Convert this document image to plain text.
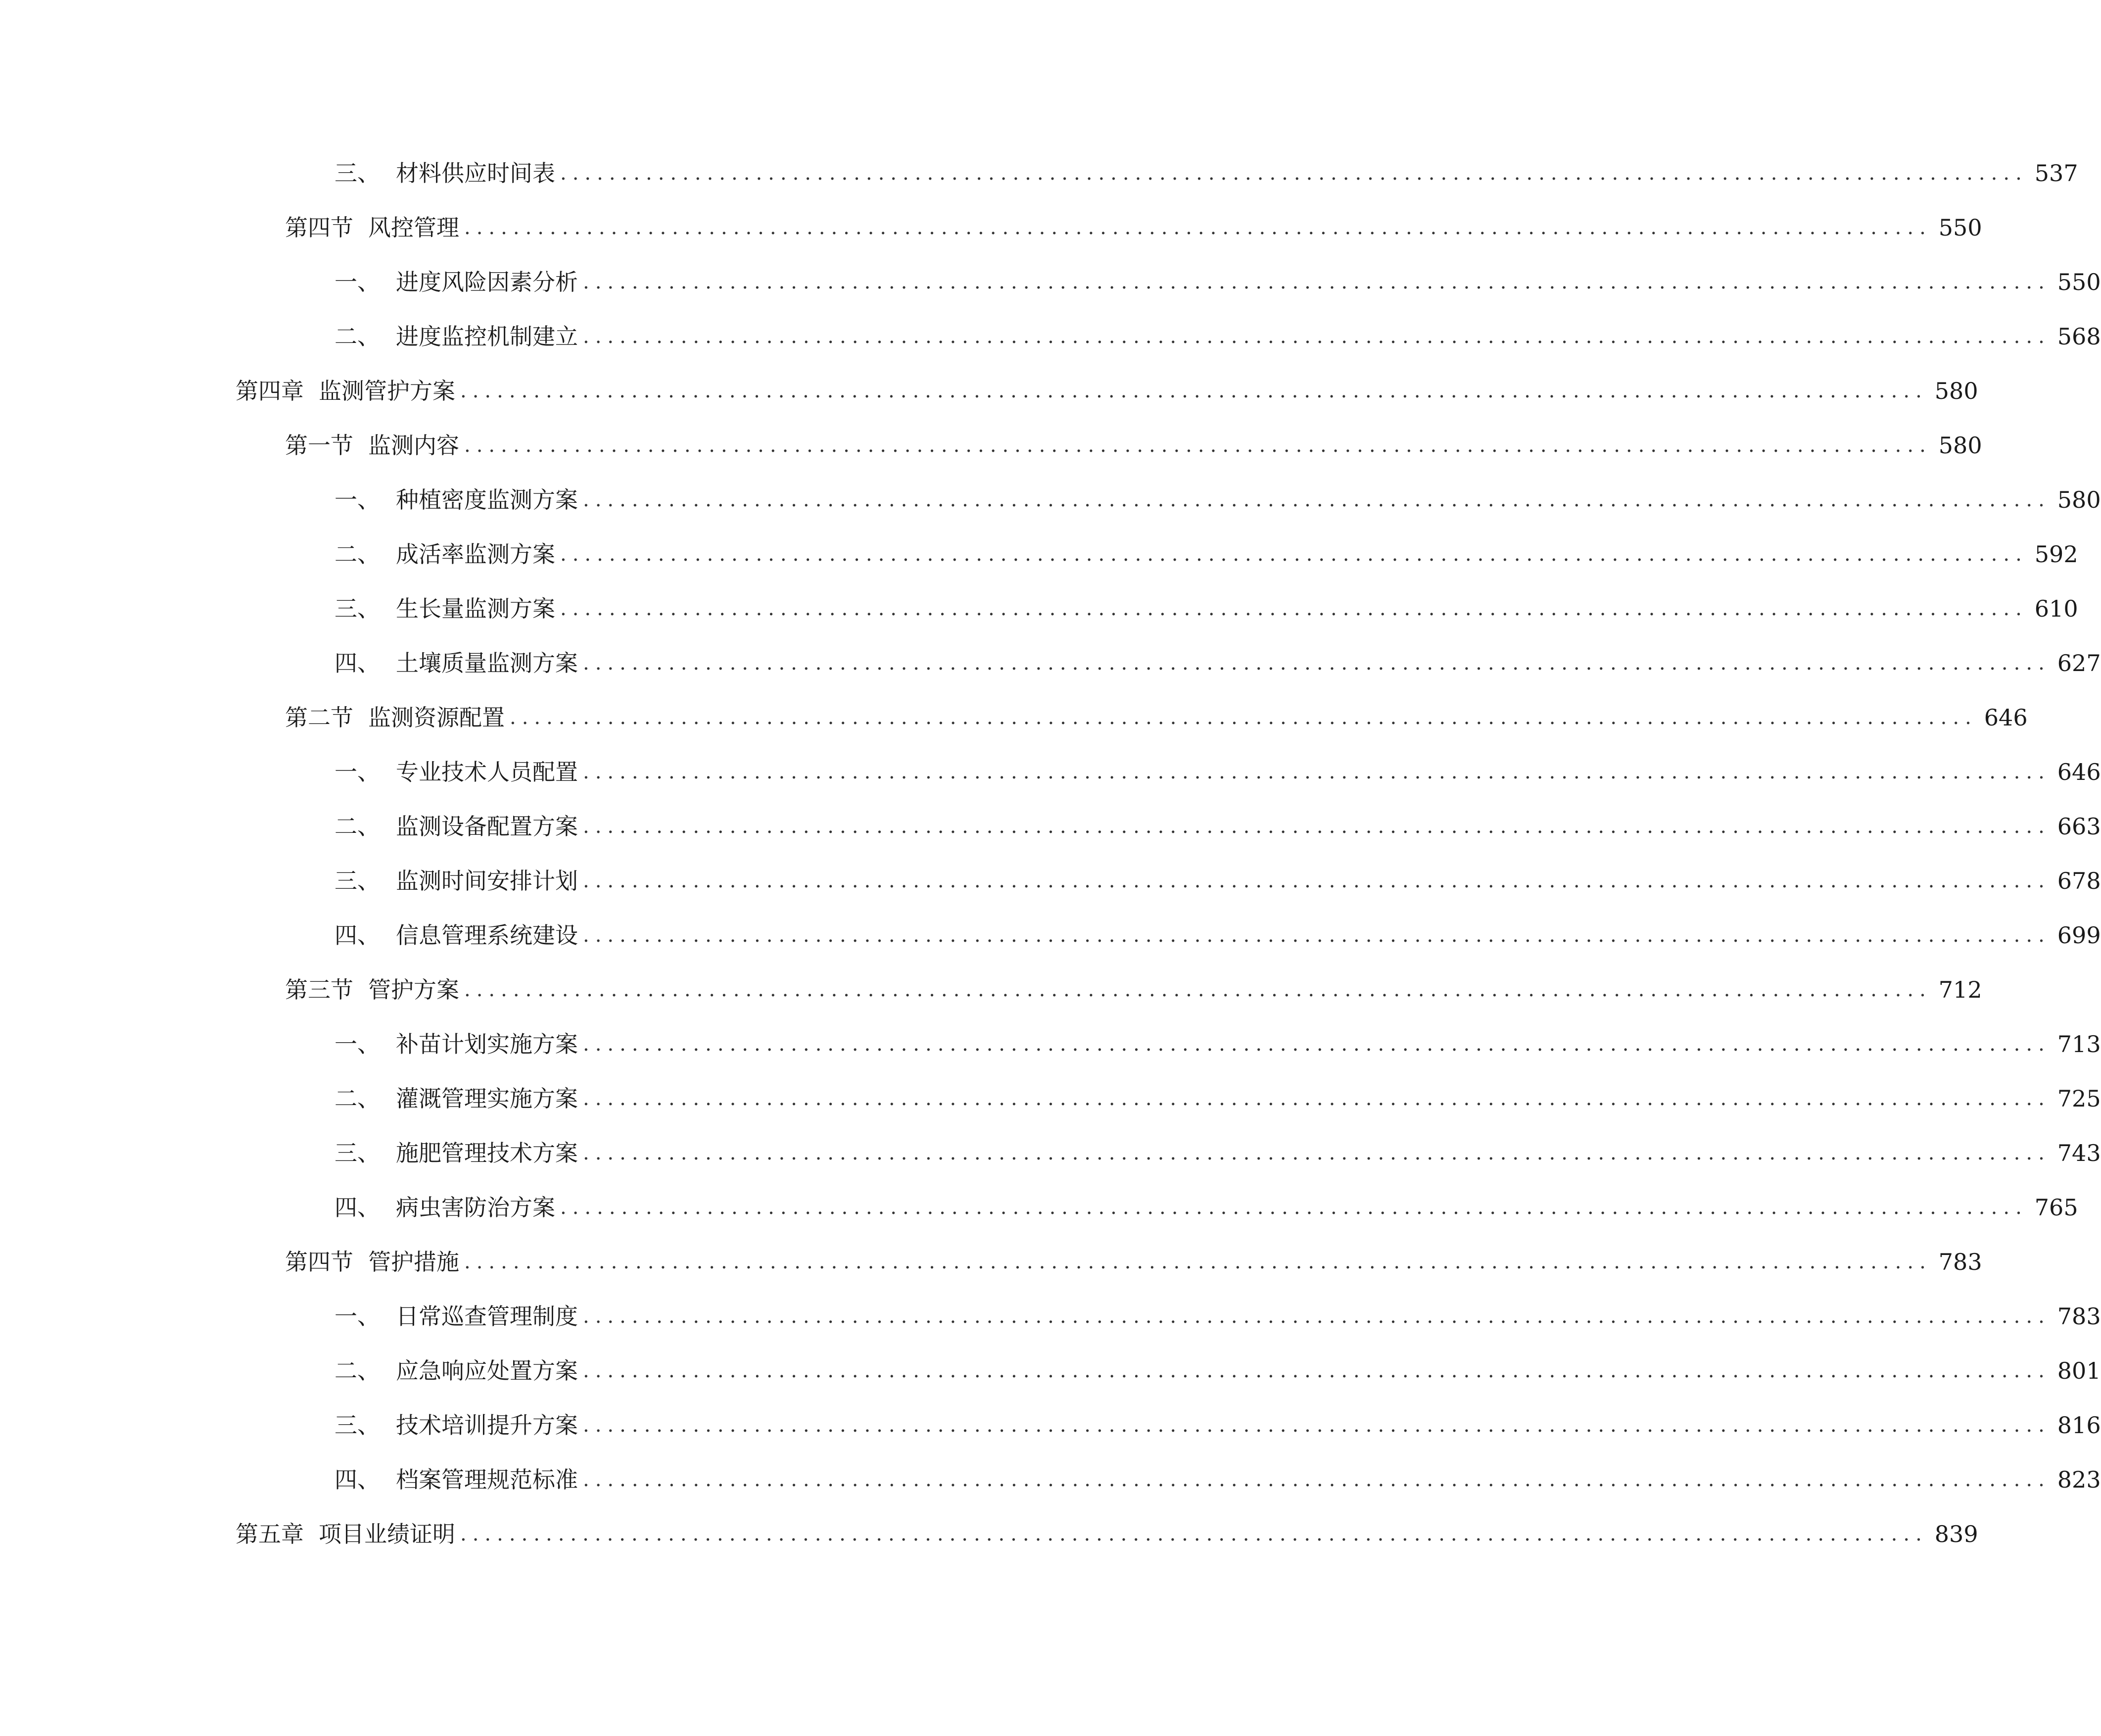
三、 材料供应时间表 ........................................................................................................................ 537
第四节 风控管理 ........................................................................................................................ 550
一、 进度风险因素分析 ........................................................................................................................ 550
二、 进度监控机制建立 ........................................................................................................................ 568
第四章 监测管护方案 ........................................................................................................................ 580
第一节 监测内容 ........................................................................................................................ 580
一、 种植密度监测方案 ........................................................................................................................ 580
二、 成活率监测方案 ........................................................................................................................ 592
三、 生长量监测方案 ........................................................................................................................ 610
四、 土壤质量监测方案 ........................................................................................................................ 627
第二节 监测资源配置 ........................................................................................................................ 646
一、 专业技术人员配置 ........................................................................................................................ 646
二、 监测设备配置方案 ........................................................................................................................ 663
三、 监测时间安排计划 ........................................................................................................................ 678
四、 信息管理系统建设 ........................................................................................................................ 699
第三节 管护方案 ........................................................................................................................ 712
一、 补苗计划实施方案 ........................................................................................................................ 713
二、 灌溉管理实施方案 ........................................................................................................................ 725
三、 施肥管理技术方案 ........................................................................................................................ 743
四、 病虫害防治方案 ........................................................................................................................ 765
第四节 管护措施 ........................................................................................................................ 783
一、 日常巡查管理制度 ........................................................................................................................ 783
二、 应急响应处置方案 ........................................................................................................................ 801
三、 技术培训提升方案 ........................................................................................................................ 816
四、 档案管理规范标准 ........................................................................................................................ 823
第五章 项目业绩证明 ........................................................................................................................ 839
